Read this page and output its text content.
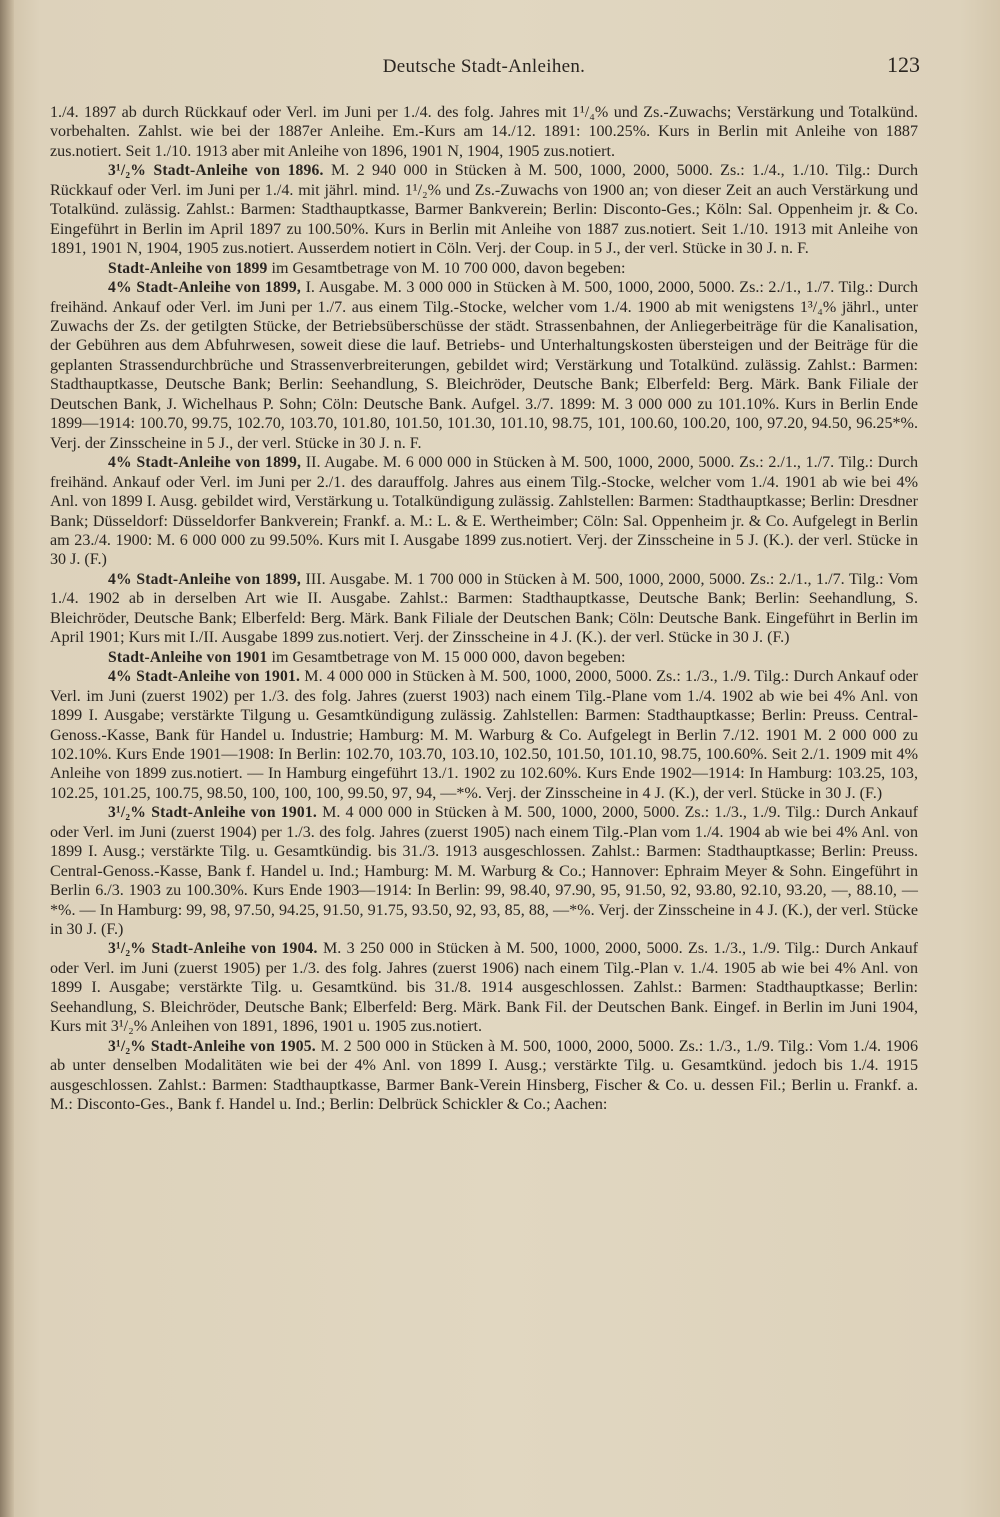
Deutsche Stadt-Anleihen.	123

1./4. 1897 ab durch Rückkauf oder Verl. im Juni per 1./4. des folg. Jahres mit 1¹/₄% und Zs.-Zuwachs; Verstärkung und Totalkünd. vorbehalten. Zahlst. wie bei der 1887er Anleihe. Em.-Kurs am 14./12. 1891: 100.25%. Kurs in Berlin mit Anleihe von 1887 zus.notiert. Seit 1./10. 1913 aber mit Anleihe von 1896, 1901 N, 1904, 1905 zus.notiert.

3¹/₂% Stadt-Anleihe von 1896. M. 2 940 000 in Stücken à M. 500, 1000, 2000, 5000. Zs.: 1./4., 1./10. Tilg.: Durch Rückkauf oder Verl. im Juni per 1./4. mit jährl. mind. 1¹/₂% und Zs.-Zuwachs von 1900 an; von dieser Zeit an auch Verstärkung und Totalkünd. zulässig. Zahlst.: Barmen: Stadthauptkasse, Barmer Bankverein; Berlin: Disconto-Ges.; Köln: Sal. Oppenheim jr. & Co. Eingeführt in Berlin im April 1897 zu 100.50%. Kurs in Berlin mit Anleihe von 1887 zus.notiert. Seit 1./10. 1913 mit Anleihe von 1891, 1901 N, 1904, 1905 zus.notiert. Ausserdem notiert in Cöln. Verj. der Coup. in 5 J., der verl. Stücke in 30 J. n. F.

Stadt-Anleihe von 1899 im Gesamtbetrage von M. 10 700 000, davon begeben:

4% Stadt-Anleihe von 1899, I. Ausgabe. M. 3 000 000 in Stücken à M. 500, 1000, 2000, 5000. Zs.: 2./1., 1./7. Tilg.: Durch freihänd. Ankauf oder Verl. im Juni per 1./7. aus einem Tilg.-Stocke, welcher vom 1./4. 1900 ab mit wenigstens 1³/₄% jährl., unter Zuwachs der Zs. der getilgten Stücke, der Betriebsüberschüsse der städt. Strassenbahnen, der Anliegerbeiträge für die Kanalisation, der Gebühren aus dem Abfuhrwesen, soweit diese die lauf. Betriebs- und Unterhaltungskosten übersteigen und der Beiträge für die geplanten Strassendurchbrüche und Strassenverbreiterungen, gebildet wird; Verstärkung und Totalkünd. zulässig. Zahlst.: Barmen: Stadthauptkasse, Deutsche Bank; Berlin: Seehandlung, S. Bleichröder, Deutsche Bank; Elberfeld: Berg. Märk. Bank Filiale der Deutschen Bank, J. Wichelhaus P. Sohn; Cöln: Deutsche Bank. Aufgel. 3./7. 1899: M. 3 000 000 zu 101.10%. Kurs in Berlin Ende 1899—1914: 100.70, 99.75, 102.70, 103.70, 101.80, 101.50, 101.30, 101.10, 98.75, 101, 100.60, 100.20, 100, 97.20, 94.50, 96.25*%. Verj. der Zinsscheine in 5 J., der verl. Stücke in 30 J. n. F.

4% Stadt-Anleihe von 1899, II. Augabe. M. 6 000 000 in Stücken à M. 500, 1000, 2000, 5000. Zs.: 2./1., 1./7. Tilg.: Durch freihänd. Ankauf oder Verl. im Juni per 2./1. des darauffolg. Jahres aus einem Tilg.-Stocke, welcher vom 1./4. 1901 ab wie bei 4% Anl. von 1899 I. Ausg. gebildet wird, Verstärkung u. Totalkündigung zulässig. Zahlstellen: Barmen: Stadthauptkasse; Berlin: Dresdner Bank; Düsseldorf: Düsseldorfer Bankverein; Frankf. a. M.: L. & E. Wertheimber; Cöln: Sal. Oppenheim jr. & Co. Aufgelegt in Berlin am 23./4. 1900: M. 6 000 000 zu 99.50%. Kurs mit I. Ausgabe 1899 zus.notiert. Verj. der Zinsscheine in 5 J. (K.). der verl. Stücke in 30 J. (F.)

4% Stadt-Anleihe von 1899, III. Ausgabe. M. 1 700 000 in Stücken à M. 500, 1000, 2000, 5000. Zs.: 2./1., 1./7. Tilg.: Vom 1./4. 1902 ab in derselben Art wie II. Ausgabe. Zahlst.: Barmen: Stadthauptkasse, Deutsche Bank; Berlin: Seehandlung, S. Bleichröder, Deutsche Bank; Elberfeld: Berg. Märk. Bank Filiale der Deutschen Bank; Cöln: Deutsche Bank. Eingeführt in Berlin im April 1901; Kurs mit I./II. Ausgabe 1899 zus.notiert. Verj. der Zinsscheine in 4 J. (K.). der verl. Stücke in 30 J. (F.)

Stadt-Anleihe von 1901 im Gesamtbetrage von M. 15 000 000, davon begeben:

4% Stadt-Anleihe von 1901. M. 4 000 000 in Stücken à M. 500, 1000, 2000, 5000. Zs.: 1./3., 1./9. Tilg.: Durch Ankauf oder Verl. im Juni (zuerst 1902) per 1./3. des folg. Jahres (zuerst 1903) nach einem Tilg.-Plane vom 1./4. 1902 ab wie bei 4% Anl. von 1899 I. Ausgabe; verstärkte Tilgung u. Gesamtkündigung zulässig. Zahlstellen: Barmen: Stadthauptkasse; Berlin: Preuss. Central-Genoss.-Kasse, Bank für Handel u. Industrie; Hamburg: M. M. Warburg & Co. Aufgelegt in Berlin 7./12. 1901 M. 2 000 000 zu 102.10%. Kurs Ende 1901—1908: In Berlin: 102.70, 103.70, 103.10, 102.50, 101.50, 101.10, 98.75, 100.60%. Seit 2./1. 1909 mit 4% Anleihe von 1899 zus.notiert. — In Hamburg eingeführt 13./1. 1902 zu 102.60%. Kurs Ende 1902—1914: In Hamburg: 103.25, 103, 102.25, 101.25, 100.75, 98.50, 100, 100, 100, 99.50, 97, 94, —*%. Verj. der Zinsscheine in 4 J. (K.), der verl. Stücke in 30 J. (F.)

3¹/₂% Stadt-Anleihe von 1901. M. 4 000 000 in Stücken à M. 500, 1000, 2000, 5000. Zs.: 1./3., 1./9. Tilg.: Durch Ankauf oder Verl. im Juni (zuerst 1904) per 1./3. des folg. Jahres (zuerst 1905) nach einem Tilg.-Plan vom 1./4. 1904 ab wie bei 4% Anl. von 1899 I. Ausg.; verstärkte Tilg. u. Gesamtkündig. bis 31./3. 1913 ausgeschlossen. Zahlst.: Barmen: Stadthauptkasse; Berlin: Preuss. Central-Genoss.-Kasse, Bank f. Handel u. Ind.; Hamburg: M. M. Warburg & Co.; Hannover: Ephraim Meyer & Sohn. Eingeführt in Berlin 6./3. 1903 zu 100.30%. Kurs Ende 1903—1914: In Berlin: 99, 98.40, 97.90, 95, 91.50, 92, 93.80, 92.10, 93.20, —, 88.10, —*%. — In Hamburg: 99, 98, 97.50, 94.25, 91.50, 91.75, 93.50, 92, 93, 85, 88, —*%. Verj. der Zinsscheine in 4 J. (K.), der verl. Stücke in 30 J. (F.)

3¹/₂% Stadt-Anleihe von 1904. M. 3 250 000 in Stücken à M. 500, 1000, 2000, 5000. Zs. 1./3., 1./9. Tilg.: Durch Ankauf oder Verl. im Juni (zuerst 1905) per 1./3. des folg. Jahres (zuerst 1906) nach einem Tilg.-Plan v. 1./4. 1905 ab wie bei 4% Anl. von 1899 I. Ausgabe; verstärkte Tilg. u. Gesamtkünd. bis 31./8. 1914 ausgeschlossen. Zahlst.: Barmen: Stadthauptkasse; Berlin: Seehandlung, S. Bleichröder, Deutsche Bank; Elberfeld: Berg. Märk. Bank Fil. der Deutschen Bank. Eingef. in Berlin im Juni 1904, Kurs mit 3¹/₂% Anleihen von 1891, 1896, 1901 u. 1905 zus.notiert.

3¹/₂% Stadt-Anleihe von 1905. M. 2 500 000 in Stücken à M. 500, 1000, 2000, 5000. Zs.: 1./3., 1./9. Tilg.: Vom 1./4. 1906 ab unter denselben Modalitäten wie bei der 4% Anl. von 1899 I. Ausg.; verstärkte Tilg. u. Gesamtkünd. jedoch bis 1./4. 1915 ausgeschlossen. Zahlst.: Barmen: Stadthauptkasse, Barmer Bank-Verein Hinsberg, Fischer & Co. u. dessen Fil.; Berlin u. Frankf. a. M.: Disconto-Ges., Bank f. Handel u. Ind.; Berlin: Delbrück Schickler & Co.; Aachen:
